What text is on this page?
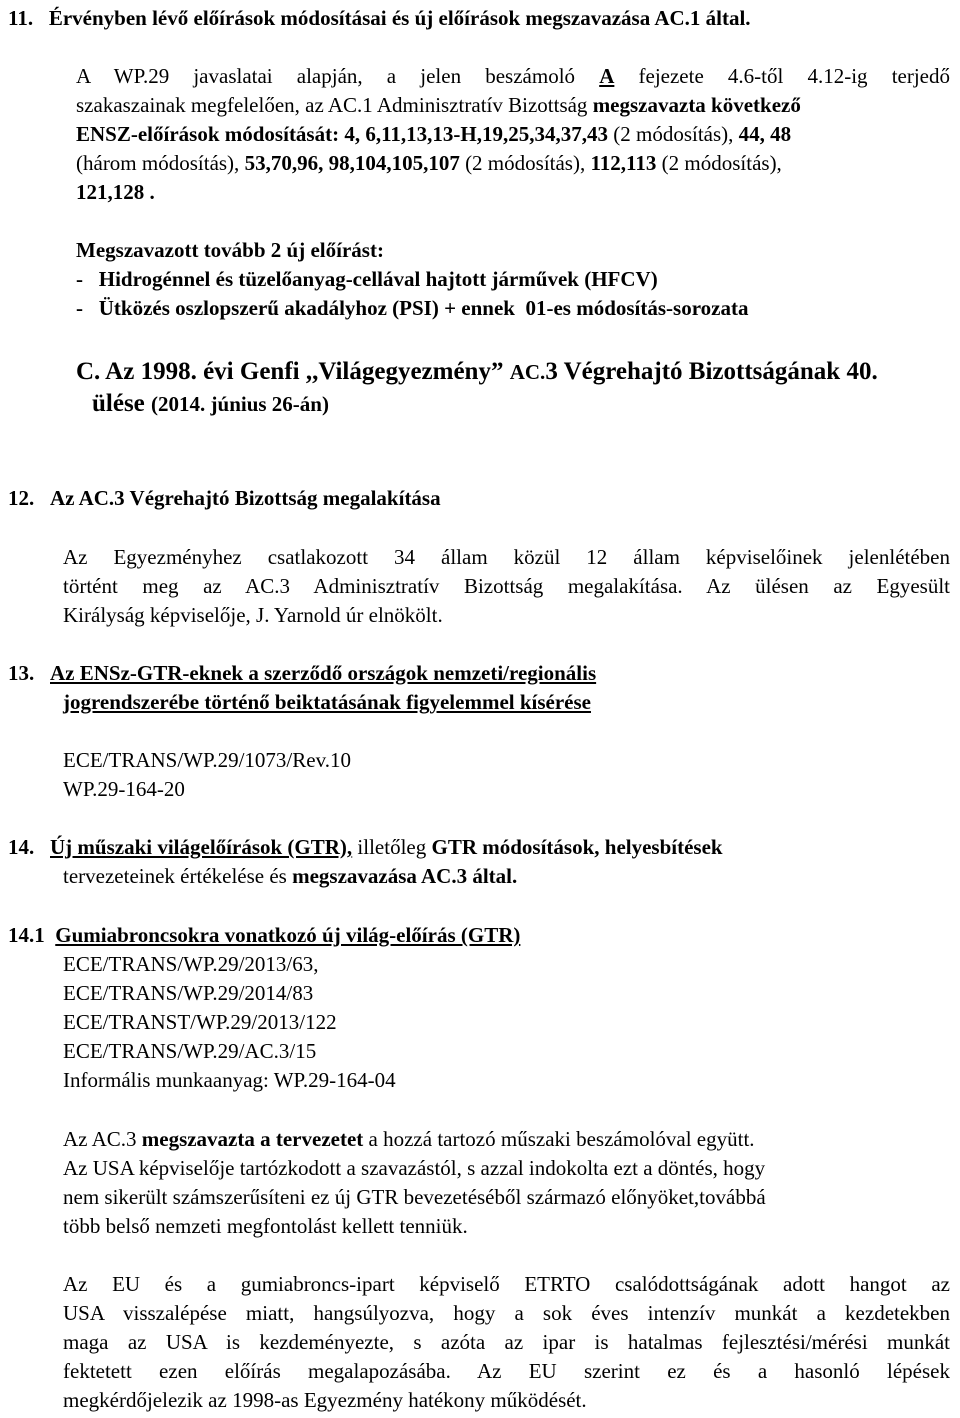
11. Érvényben lévő előírások módosításai és új előírások megszavazása AC.1 által.
A WP.29 javaslatai alapján, a jelen beszámoló A fejezete 4.6-től 4.12-ig terjedő
szakaszainak megfelelően, az AC.1 Adminisztratív Bizottság megszavazta következő
ENSZ-előírások módosítását: 4, 6,11,13,13-H,19,25,34,37,43 (2 módosítás), 44, 48
(három módosítás), 53,70,96, 98,104,105,107 (2 módosítás), 112,113 (2 módosítás),
121,128 .
Megszavazott tovább 2 új előírást:
-   Hidrogénnel és tüzelőanyag-cellával hajtott járművek (HFCV)
-   Ütközés oszlopszerű akadályhoz (PSI) + ennek  01-es módosítás-sorozata
C. Az 1998. évi Genfi ,,Világegyezmény” AC.3 Végrehajtó Bizottságának 40.
ülése (2014. június 26-án)
12. Az AC.3 Végrehajtó Bizottság megalakítása
Az Egyezményhez csatlakozott 34 állam közül 12 állam képviselőinek jelenlétében
történt meg az AC.3 Adminisztratív Bizottság megalakítása. Az ülésen az Egyesült
Királyság képviselője, J. Yarnold úr elnökölt.
13. Az ENSz-GTR-eknek a szerződő országok nemzeti/regionális
jogrendszerébe történő beiktatásának figyelemmel kísérése
ECE/TRANS/WP.29/1073/Rev.10
WP.29-164-20
14. Új műszaki világelőírások (GTR), illetőleg GTR módosítások, helyesbítések
tervezeteinek értékelése és megszavazása AC.3 által.
14.1 Gumiabroncsokra vonatkozó új világ-előírás (GTR)
ECE/TRANS/WP.29/2013/63,
ECE/TRANS/WP.29/2014/83
ECE/TRANST/WP.29/2013/122
ECE/TRANS/WP.29/AC.3/15
Informális munkaanyag: WP.29-164-04
Az AC.3 megszavazta a tervezetet a hozzá tartozó műszaki beszámolóval együtt.
Az USA képviselője tartózkodott a szavazástól, s azzal indokolta ezt a döntés, hogy
nem sikerült számszerűsíteni ez új GTR bevezetéséből származó előnyöket,továbbá
több belső nemzeti megfontolást kellett tenniük.
Az EU és a gumiabroncs-ipart képviselő ETRTO csalódottságának adott hangot az
USA visszalépése miatt, hangsúlyozva, hogy a sok éves intenzív munkát a kezdetekben
maga az USA is kezdeményezte, s azóta az ipar is hatalmas fejlesztési/mérési munkát
fektetett ezen előírás megalapozásába. Az EU szerint ez és a hasonló lépések
megkérdőjelezik az 1998-as Egyezmény hatékony működését.
